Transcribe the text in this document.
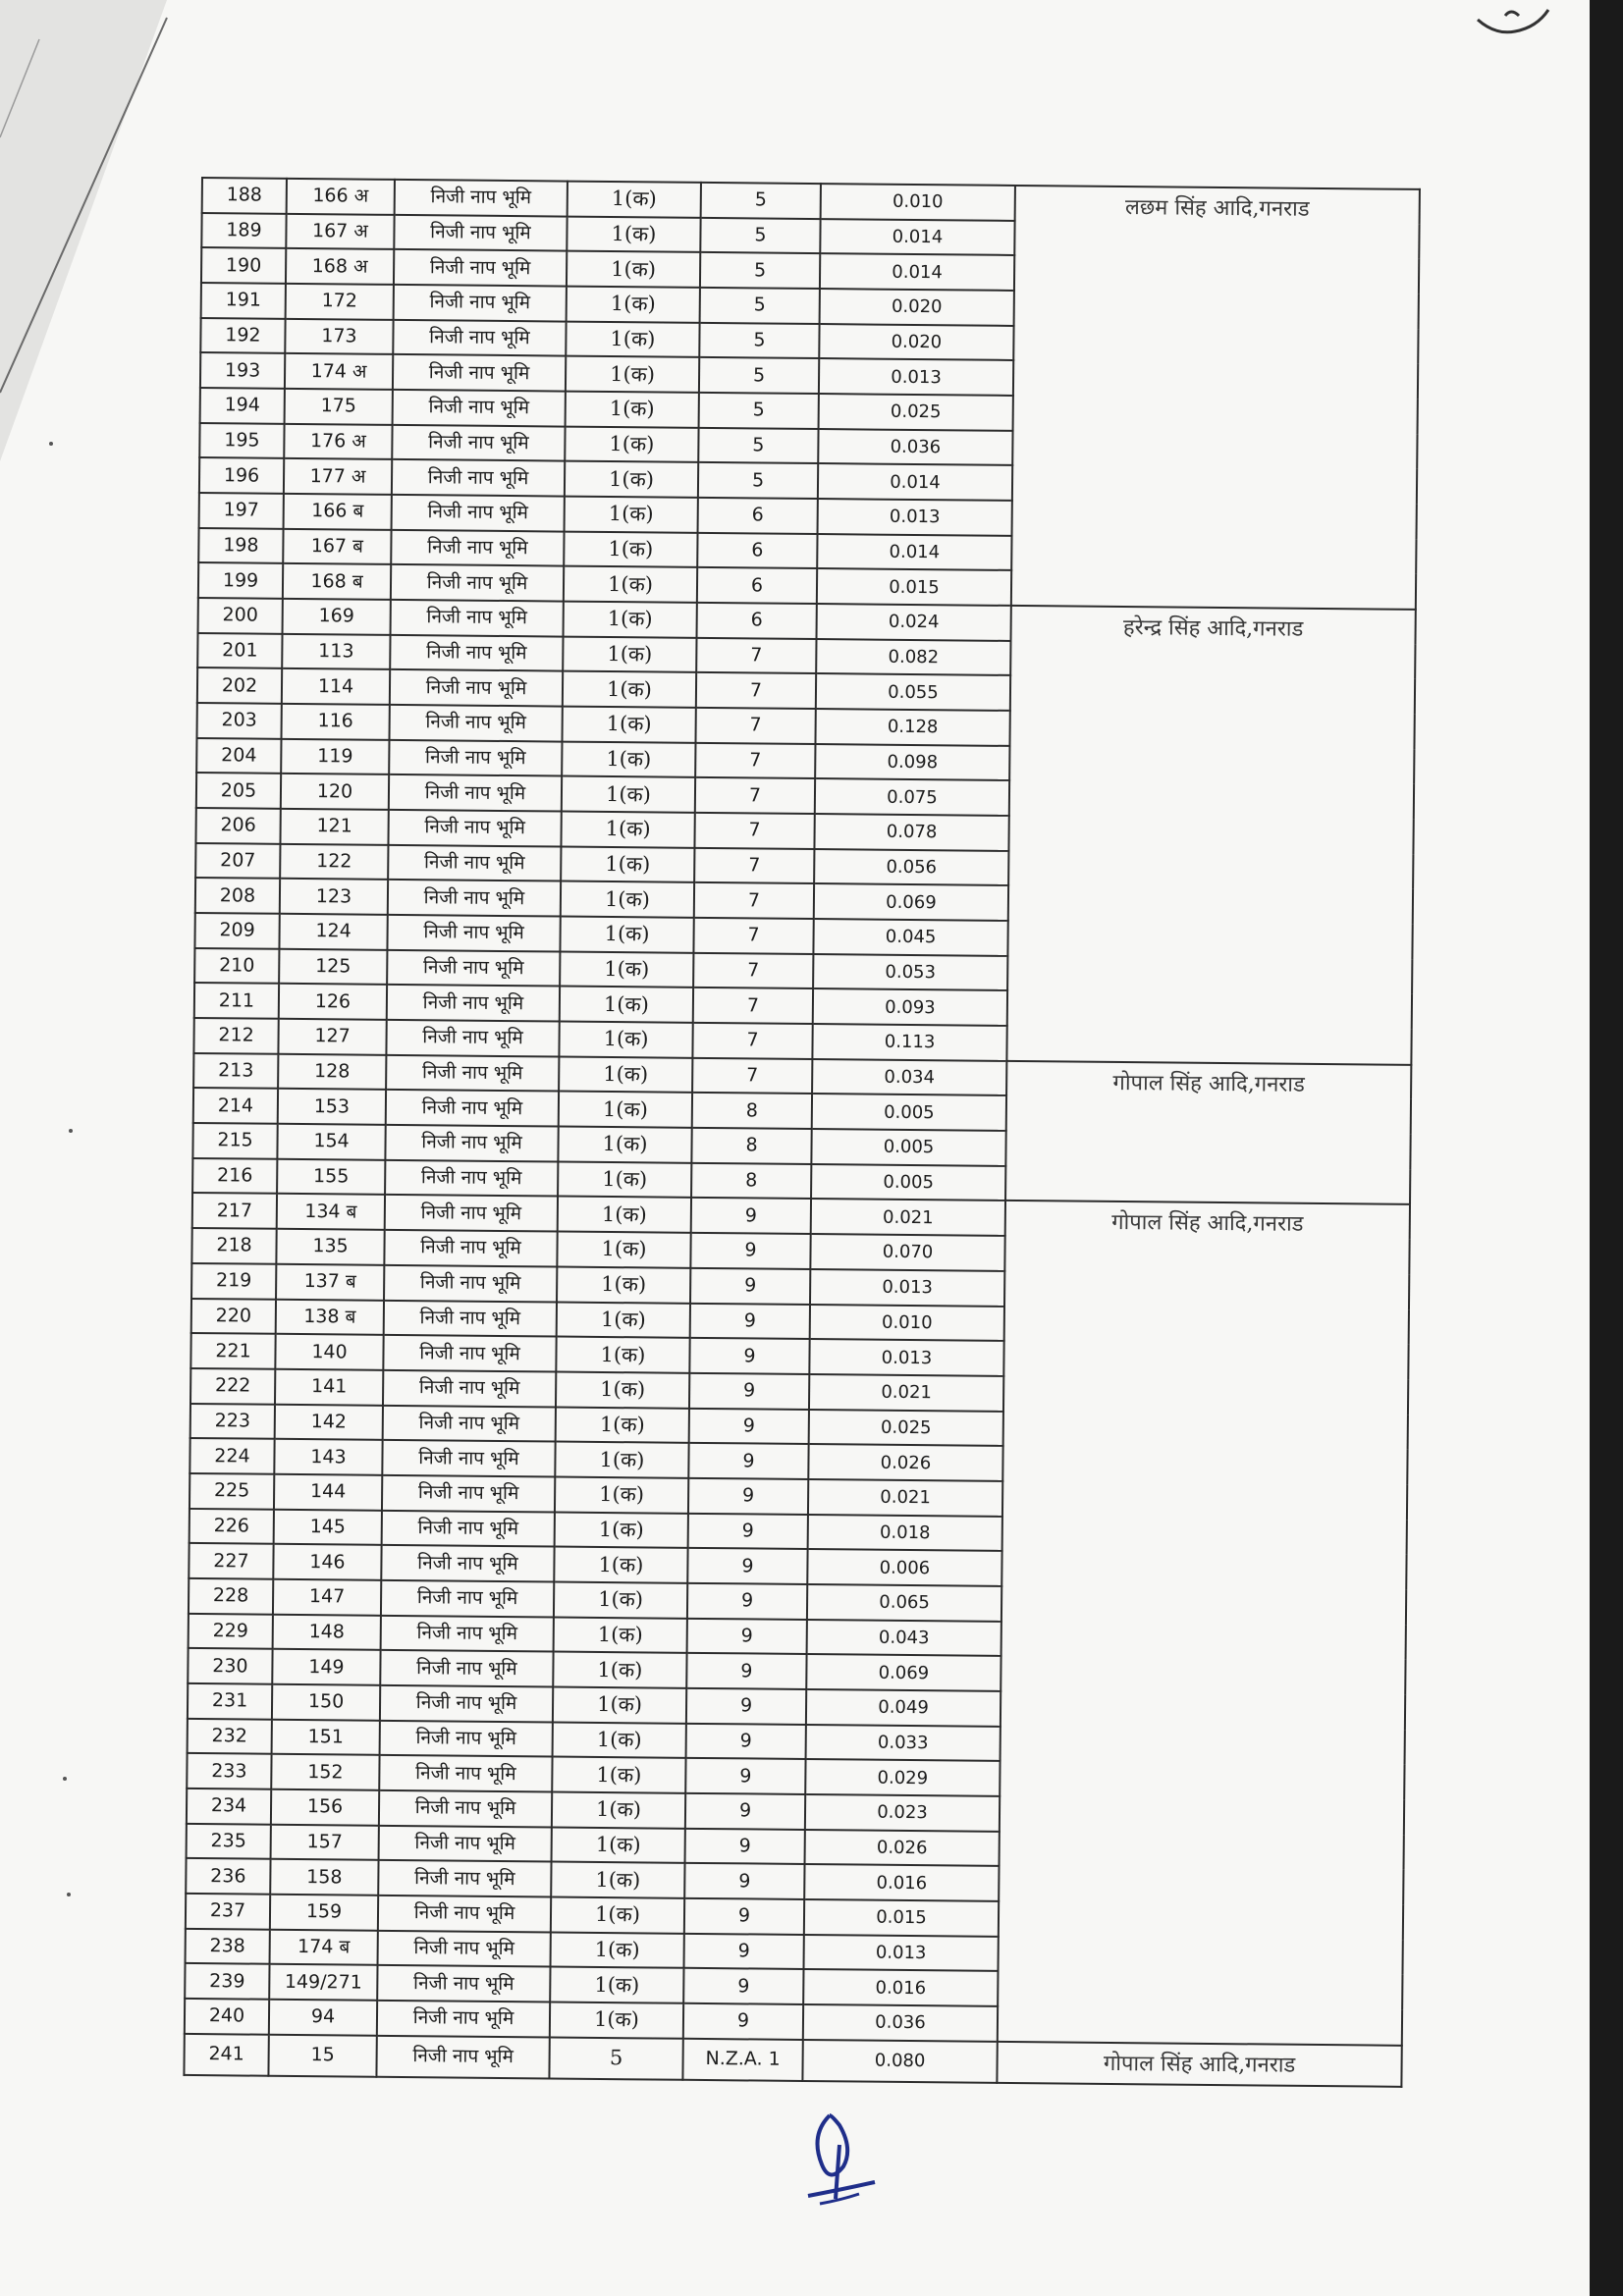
188	166 अ	निजी नाप भूमि	1(क)	5	0.010	लछम सिंह आदि,गनराड
189	167 अ	निजी नाप भूमि	1(क)	5	0.014	
190	168 अ	निजी नाप भूमि	1(क)	5	0.014	
191	172	निजी नाप भूमि	1(क)	5	0.020	
192	173	निजी नाप भूमि	1(क)	5	0.020	
193	174 अ	निजी नाप भूमि	1(क)	5	0.013	
194	175	निजी नाप भूमि	1(क)	5	0.025	
195	176 अ	निजी नाप भूमि	1(क)	5	0.036	
196	177 अ	निजी नाप भूमि	1(क)	5	0.014	
197	166 ब	निजी नाप भूमि	1(क)	6	0.013	
198	167 ब	निजी नाप भूमि	1(क)	6	0.014	
199	168 ब	निजी नाप भूमि	1(क)	6	0.015	
200	169	निजी नाप भूमि	1(क)	6	0.024	हरेन्द्र सिंह आदि,गनराड
201	113	निजी नाप भूमि	1(क)	7	0.082	
202	114	निजी नाप भूमि	1(क)	7	0.055	
203	116	निजी नाप भूमि	1(क)	7	0.128	
204	119	निजी नाप भूमि	1(क)	7	0.098	
205	120	निजी नाप भूमि	1(क)	7	0.075	
206	121	निजी नाप भूमि	1(क)	7	0.078	
207	122	निजी नाप भूमि	1(क)	7	0.056	
208	123	निजी नाप भूमि	1(क)	7	0.069	
209	124	निजी नाप भूमि	1(क)	7	0.045	
210	125	निजी नाप भूमि	1(क)	7	0.053	
211	126	निजी नाप भूमि	1(क)	7	0.093	
212	127	निजी नाप भूमि	1(क)	7	0.113	
213	128	निजी नाप भूमि	1(क)	7	0.034	गोपाल सिंह आदि,गनराड
214	153	निजी नाप भूमि	1(क)	8	0.005	
215	154	निजी नाप भूमि	1(क)	8	0.005	
216	155	निजी नाप भूमि	1(क)	8	0.005	
217	134 ब	निजी नाप भूमि	1(क)	9	0.021	गोपाल सिंह आदि,गनराड
218	135	निजी नाप भूमि	1(क)	9	0.070	
219	137 ब	निजी नाप भूमि	1(क)	9	0.013	
220	138 ब	निजी नाप भूमि	1(क)	9	0.010	
221	140	निजी नाप भूमि	1(क)	9	0.013	
222	141	निजी नाप भूमि	1(क)	9	0.021	
223	142	निजी नाप भूमि	1(क)	9	0.025	
224	143	निजी नाप भूमि	1(क)	9	0.026	
225	144	निजी नाप भूमि	1(क)	9	0.021	
226	145	निजी नाप भूमि	1(क)	9	0.018	
227	146	निजी नाप भूमि	1(क)	9	0.006	
228	147	निजी नाप भूमि	1(क)	9	0.065	
229	148	निजी नाप भूमि	1(क)	9	0.043	
230	149	निजी नाप भूमि	1(क)	9	0.069	
231	150	निजी नाप भूमि	1(क)	9	0.049	
232	151	निजी नाप भूमि	1(क)	9	0.033	
233	152	निजी नाप भूमि	1(क)	9	0.029	
234	156	निजी नाप भूमि	1(क)	9	0.023	
235	157	निजी नाप भूमि	1(क)	9	0.026	
236	158	निजी नाप भूमि	1(क)	9	0.016	
237	159	निजी नाप भूमि	1(क)	9	0.015	
238	174 ब	निजी नाप भूमि	1(क)	9	0.013	
239	149/271	निजी नाप भूमि	1(क)	9	0.016	
240	94	निजी नाप भूमि	1(क)	9	0.036	
241	15	निजी नाप भूमि	5	N.Z.A. 1	0.080	गोपाल सिंह आदि,गनराड
